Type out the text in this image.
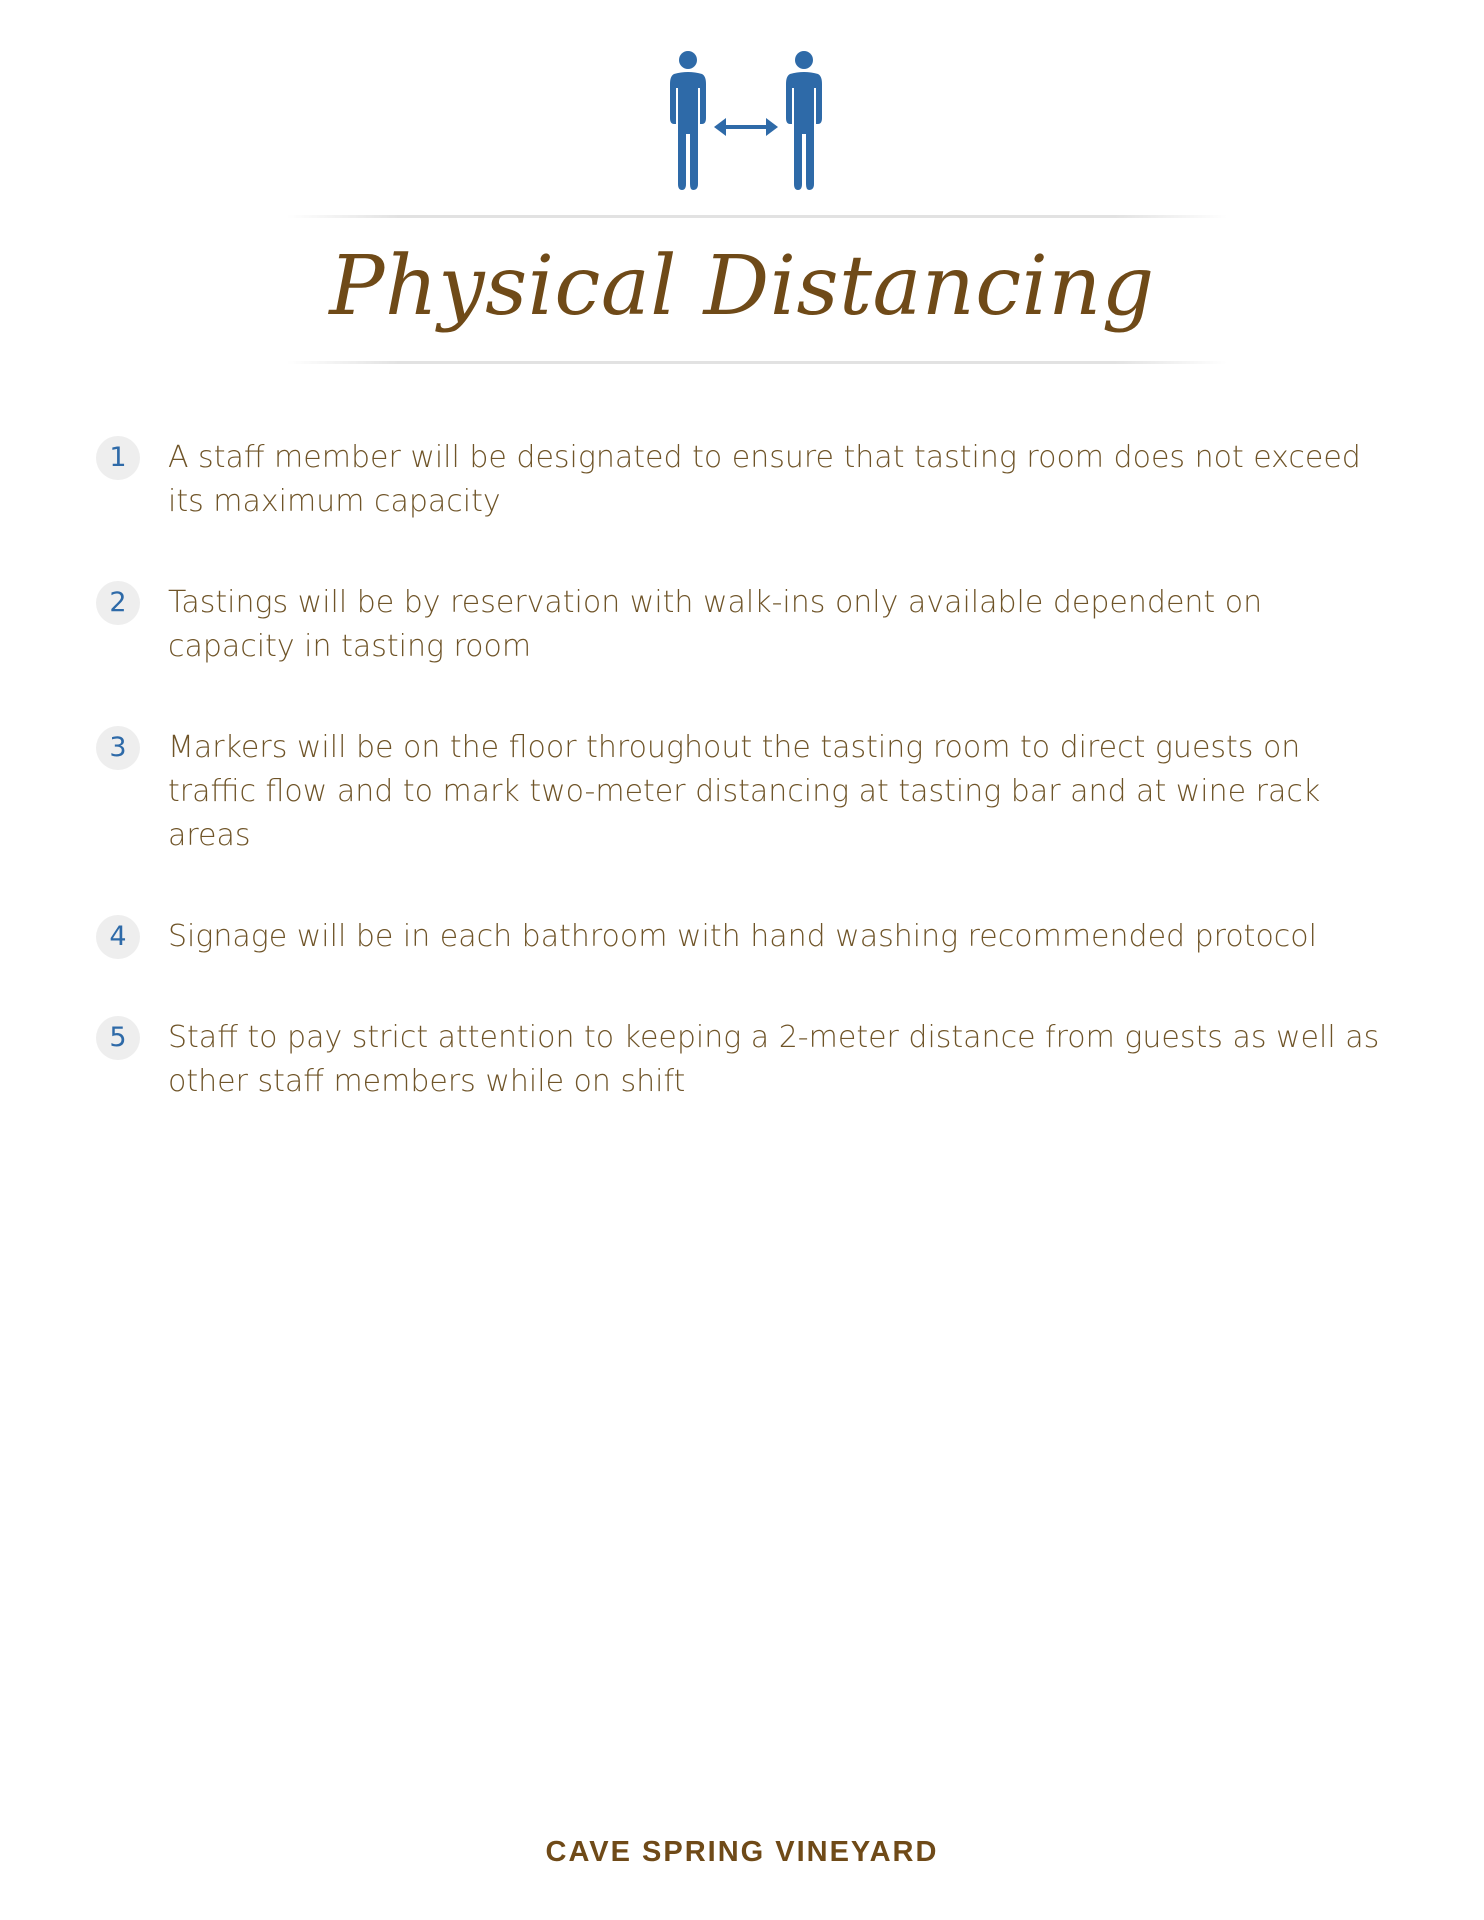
Physical Distancing
1	A staff member will be designated to ensure that tasting room does not exceed its maximum capacity
2	Tastings will be by reservation with walk-ins only available dependent on capacity in tasting room
3	Markers will be on the floor throughout the tasting room to direct guests on traffic flow and to mark two-meter distancing at tasting bar and at wine rack areas
4	Signage will be in each bathroom with hand washing recommended protocol
5	Staff to pay strict attention to keeping a 2-meter distance from guests as well as other staff members while on shift
CAVE SPRING VINEYARD
